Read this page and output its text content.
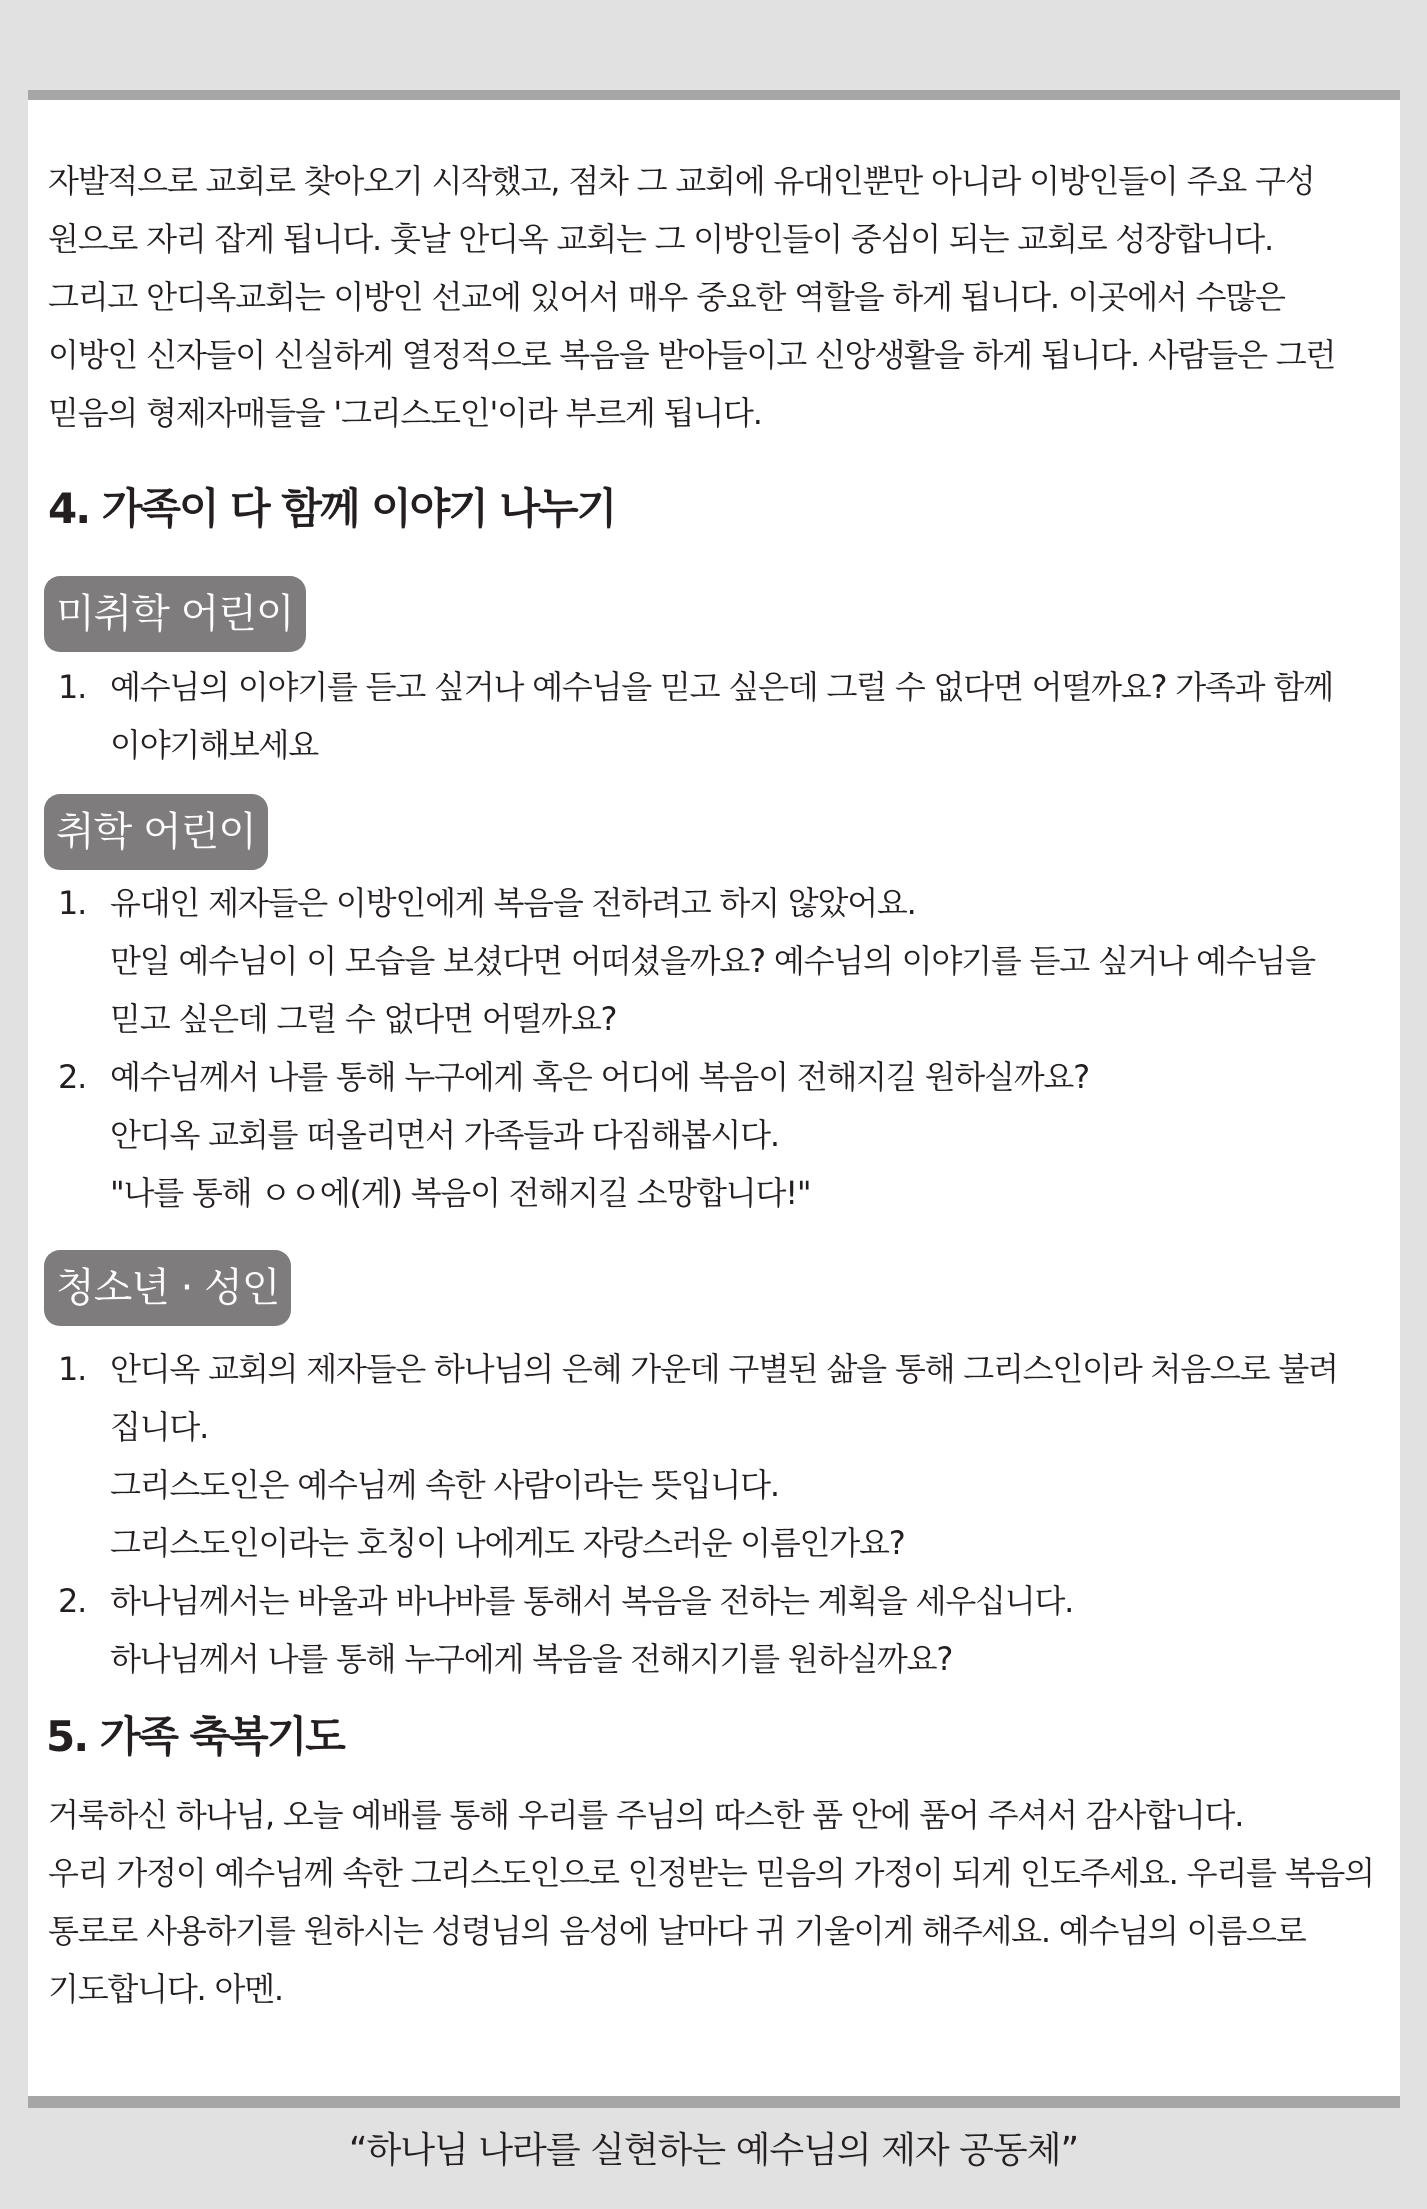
자발적으로 교회로 찾아오기 시작했고, 점차 그 교회에 유대인뿐만 아니라 이방인들이 주요 구성
원으로 자리 잡게 됩니다. 훗날 안디옥 교회는 그 이방인들이 중심이 되는 교회로 성장합니다.
그리고 안디옥교회는 이방인 선교에 있어서 매우 중요한 역할을 하게 됩니다. 이곳에서 수많은
이방인 신자들이 신실하게 열정적으로 복음을 받아들이고 신앙생활을 하게 됩니다. 사람들은 그런
믿음의 형제자매들을 '그리스도인'이라 부르게 됩니다.
4. 가족이 다 함께 이야기 나누기
미취학 어린이
1. 예수님의 이야기를 듣고 싶거나 예수님을 믿고 싶은데 그럴 수 없다면 어떨까요? 가족과 함께
이야기해보세요
취학 어린이
1. 유대인 제자들은 이방인에게 복음을 전하려고 하지 않았어요.
만일 예수님이 이 모습을 보셨다면 어떠셨을까요? 예수님의 이야기를 듣고 싶거나 예수님을
믿고 싶은데 그럴 수 없다면 어떨까요?
2. 예수님께서 나를 통해 누구에게 혹은 어디에 복음이 전해지길 원하실까요?
안디옥 교회를 떠올리면서 가족들과 다짐해봅시다.
"나를 통해 ㅇㅇ에(게) 복음이 전해지길 소망합니다!"
청소년 · 성인
1. 안디옥 교회의 제자들은 하나님의 은혜 가운데 구별된 삶을 통해 그리스인이라 처음으로 불려 집니다.
그리스도인은 예수님께 속한 사람이라는 뜻입니다.
그리스도인이라는 호칭이 나에게도 자랑스러운 이름인가요?
2. 하나님께서는 바울과 바나바를 통해서 복음을 전하는 계획을 세우십니다.
하나님께서 나를 통해 누구에게 복음을 전해지기를 원하실까요?
5. 가족 축복기도
거룩하신 하나님, 오늘 예배를 통해 우리를 주님의 따스한 품 안에 품어 주셔서 감사합니다.
우리 가정이 예수님께 속한 그리스도인으로 인정받는 믿음의 가정이 되게 인도주세요. 우리를 복음의
통로로 사용하기를 원하시는 성령님의 음성에 날마다 귀 기울이게 해주세요. 예수님의 이름으로
기도합니다. 아멘.
“하나님 나라를 실현하는 예수님의 제자 공동체”
